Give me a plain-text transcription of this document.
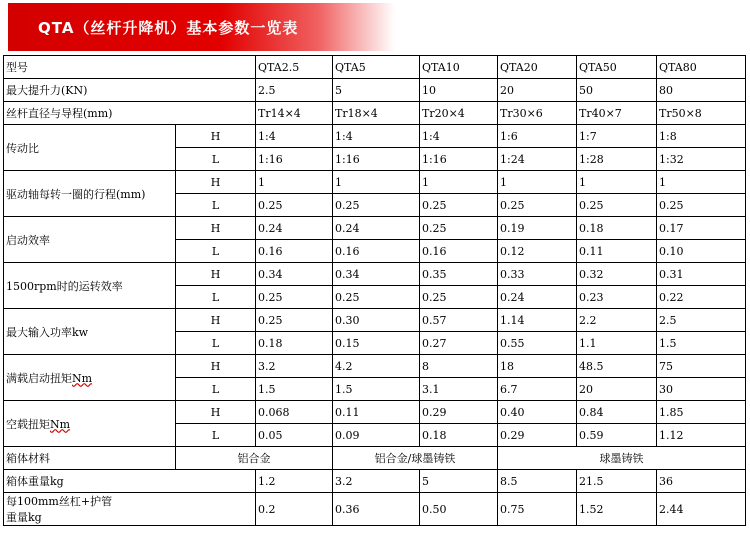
QTA（丝杆升降机）基本参数一览表
型号		QTA2.5	QTA5	QTA10	QTA20	QTA50	QTA80
最大提升力(KN)		2.5	5	10	20	50	80
丝杆直径与导程(mm)		Tr14×4	Tr18×4	Tr20×4	Tr30×6	Tr40×7	Tr50×8
传动比	H	1:4	1:4	1:4	1:6	1:7	1:8
	L	1:16	1:16	1:16	1:24	1:28	1:32
驱动轴每转一圈的行程(mm)	H	1	1	1	1	1	1
	L	0.25	0.25	0.25	0.25	0.25	0.25
启动效率	H	0.24	0.24	0.25	0.19	0.18	0.17
	L	0.16	0.16	0.16	0.12	0.11	0.10
1500rpm时的运转效率	H	0.34	0.34	0.35	0.33	0.32	0.31
	L	0.25	0.25	0.25	0.24	0.23	0.22
最大输入功率kw	H	0.25	0.30	0.57	1.14	2.2	2.5
	L	0.18	0.15	0.27	0.55	1.1	1.5
满载启动扭矩Nm	H	3.2	4.2	8	18	48.5	75
	L	1.5	1.5	3.1	6.7	20	30
空载扭矩Nm	H	0.068	0.11	0.29	0.40	0.84	1.85
	L	0.05	0.09	0.18	0.29	0.59	1.12
箱体材料	铝合金		铝合金/球墨铸铁		球墨铸铁		
箱体重量kg		1.2	3.2	5	8.5	21.5	36

每100mm丝杠+护管
重量kg		0.2	0.36	0.50	0.75	1.52	2.44
